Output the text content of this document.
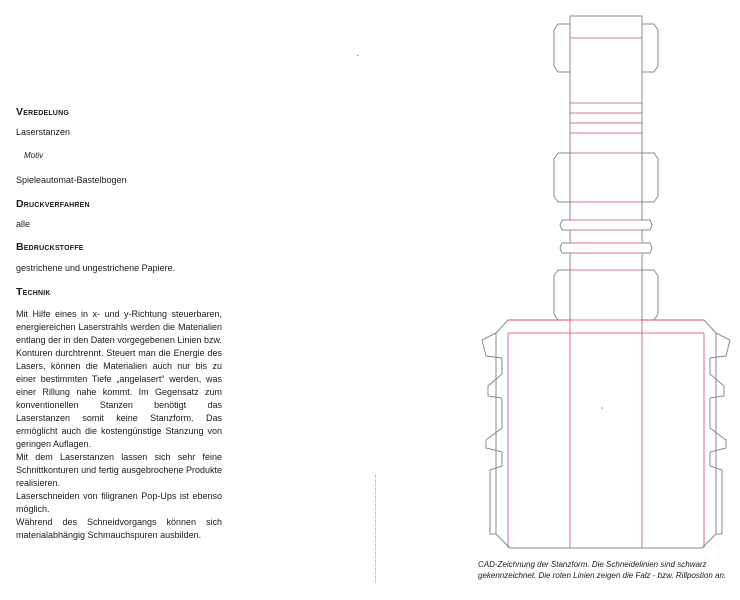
Veredelung
Laserstanzen
Motiv
Spieleautomat-Bastelbogen
Druckverfahren
alle
Bedruckstoffe
gestrichene und ungestrichene Papiere.
Technik

Mit Hilfe eines in x- und y-Richtung steuerbaren, energiereichen Laserstrahls werden die Materialien entlang der in den Daten vorgegebenen Linien bzw. Konturen durchtrennt. Steuert man die Energie des Lasers, können die Materialien auch nur bis zu einer bestimmten Tiefe „angelasert“ werden, was einer Rillung nahe kommt. Im Gegensatz zum konventionellen Stanzen benötigt das Laserstanzen somit keine Stanzform. Das ermöglicht auch die kostengünstige Stanzung von geringen Auflagen.

Mit dem Laserstanzen lassen sich sehr feine Schnittkonturen und fertig ausgebrochene Produkte realisieren.

Laserschneiden von filigranen Pop-Ups ist ebenso möglich.

Während des Schneidvorgangs können sich materialabhängig Schmauchspuren ausbilden.

·
CAD-Zeichnung der Stanzform. Die Schneidelinien sind schwarz gekennzeichnet. Die roten Linien zeigen die Falz - bzw. Rillpostion an.
